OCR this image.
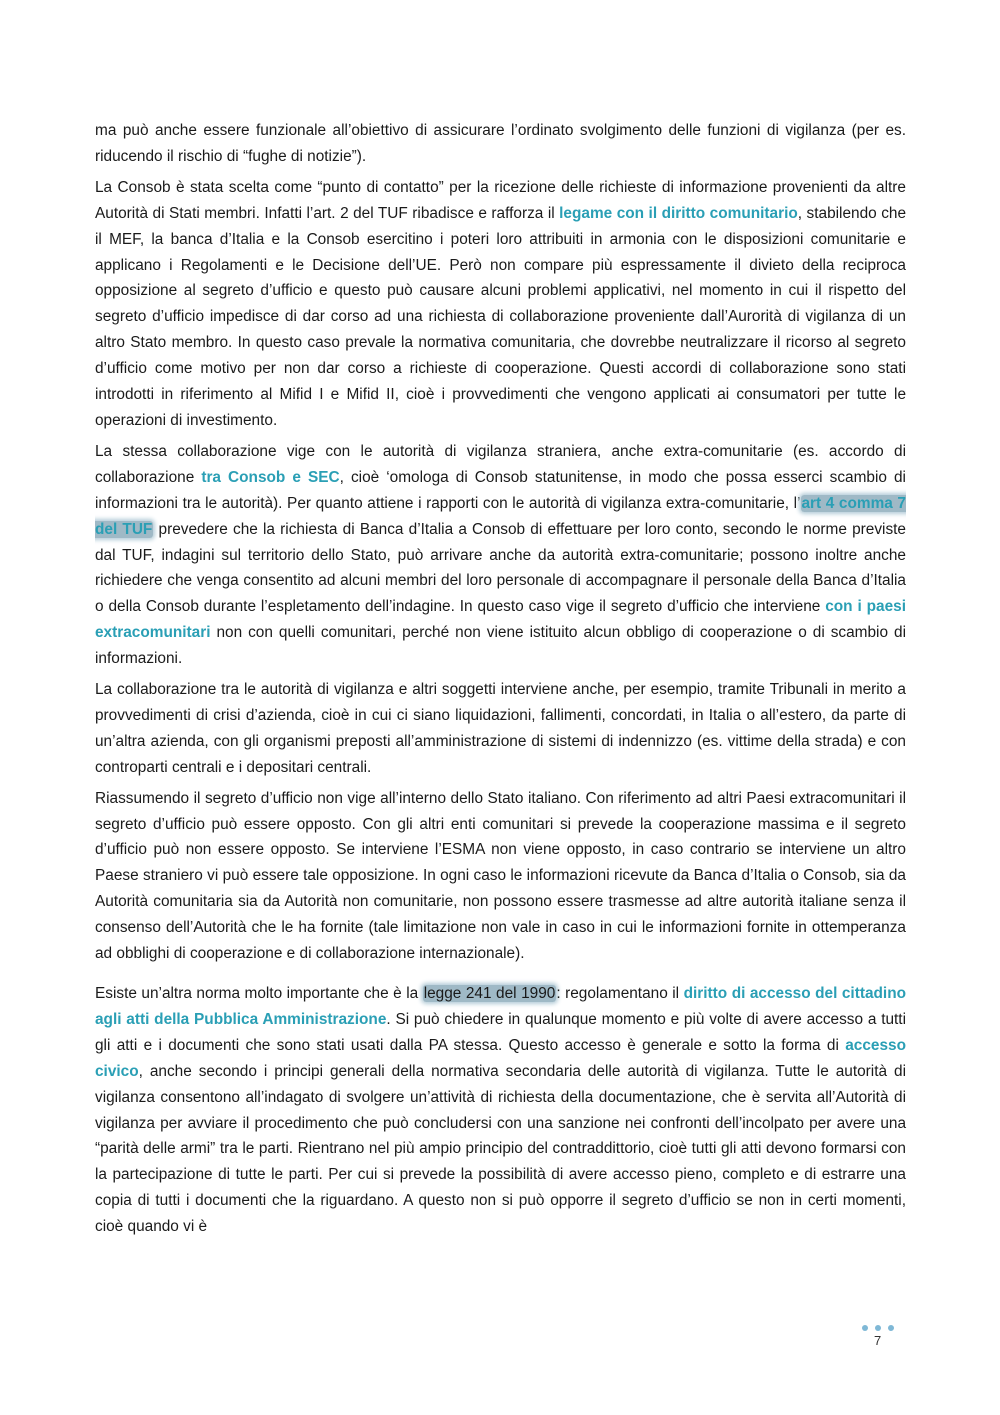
ma può anche essere funzionale all’obiettivo di assicurare l’ordinato svolgimento delle funzioni di vigilanza (per es. riducendo il rischio di “fughe di notizie”).

La Consob è stata scelta come “punto di contatto” per la ricezione delle richieste di informazione provenienti da altre Autorità di Stati membri. Infatti l’art. 2 del TUF ribadisce e rafforza il legame con il diritto comunitario, stabilendo che il MEF, la banca d’Italia e la Consob esercitino i poteri loro attribuiti in armonia con le disposizioni comunitarie e applicano i Regolamenti e le Decisione dell’UE. Però non compare più espressamente il divieto della reciproca opposizione al segreto d’ufficio e questo può causare alcuni problemi applicativi, nel momento in cui il rispetto del segreto d’ufficio impedisce di dar corso ad una richiesta di collaborazione proveniente dall’Aurorità di vigilanza di un altro Stato membro. In questo caso prevale la normativa comunitaria, che dovrebbe neutralizzare il ricorso al segreto d’ufficio come motivo per non dar corso a richieste di cooperazione. Questi accordi di collaborazione sono stati introdotti in riferimento al Mifid I e Mifid II, cioè i provvedimenti che vengono applicati ai consumatori per tutte le operazioni di investimento.

La stessa collaborazione vige con le autorità di vigilanza straniera, anche extra-comunitarie (es. accordo di collaborazione tra Consob e SEC, cioè ‘omologa di Consob statunitense, in modo che possa esserci scambio di informazioni tra le autorità). Per quanto attiene i rapporti con le autorità di vigilanza extra-comunitarie, l’art 4 comma 7 del TUF prevedere che la richiesta di Banca d’Italia a Consob di effettuare per loro conto, secondo le norme previste dal TUF, indagini sul territorio dello Stato, può arrivare anche da autorità extra-comunitarie; possono inoltre anche richiedere che venga consentito ad alcuni membri del loro personale di accompagnare il personale della Banca d’Italia o della Consob durante l’espletamento dell’indagine. In questo caso vige il segreto d’ufficio che interviene con i paesi extracomunitari non con quelli comunitari, perché non viene istituito alcun obbligo di cooperazione o di scambio di informazioni.

La collaborazione tra le autorità di vigilanza e altri soggetti interviene anche, per esempio, tramite Tribunali in merito a provvedimenti di crisi d’azienda, cioè in cui ci siano liquidazioni, fallimenti, concordati, in Italia o all’estero, da parte di un’altra azienda, con gli organismi preposti all’amministrazione di sistemi di indennizzo (es. vittime della strada) e con controparti centrali e i depositari centrali.

Riassumendo il segreto d’ufficio non vige all’interno dello Stato italiano. Con riferimento ad altri Paesi extracomunitari il segreto d’ufficio può essere opposto. Con gli altri enti comunitari si prevede la cooperazione massima e il segreto d’ufficio può non essere opposto. Se interviene l’ESMA non viene opposto, in caso contrario se interviene un altro Paese straniero vi può essere tale opposizione. In ogni caso le informazioni ricevute da Banca d’Italia o Consob, sia da Autorità comunitaria sia da Autorità non comunitarie, non possono essere trasmesse ad altre autorità italiane senza il consenso dell’Autorità che le ha fornite (tale limitazione non vale in caso in cui le informazioni fornite in ottemperanza ad obblighi di cooperazione e di collaborazione internazionale).

Esiste un’altra norma molto importante che è la legge 241 del 1990: regolamentano il diritto di accesso del cittadino agli atti della Pubblica Amministrazione. Si può chiedere in qualunque momento e più volte di avere accesso a tutti gli atti e i documenti che sono stati usati dalla PA stessa. Questo accesso è generale e sotto la forma di accesso civico, anche secondo i principi generali della normativa secondaria delle autorità di vigilanza. Tutte le autorità di vigilanza consentono all’indagato di svolgere un’attività di richiesta della documentazione, che è servita all’Autorità di vigilanza per avviare il procedimento che può concludersi con una sanzione nei confronti dell’incolpato per avere una “parità delle armi” tra le parti. Rientrano nel più ampio principio del contraddittorio, cioè tutti gli atti devono formarsi con la partecipazione di tutte le parti. Per cui si prevede la possibilità di avere accesso pieno, completo e di estrarre una copia di tutti i documenti che la riguardano. A questo non si può opporre il segreto d’ufficio se non in certi momenti, cioè quando vi è

7
